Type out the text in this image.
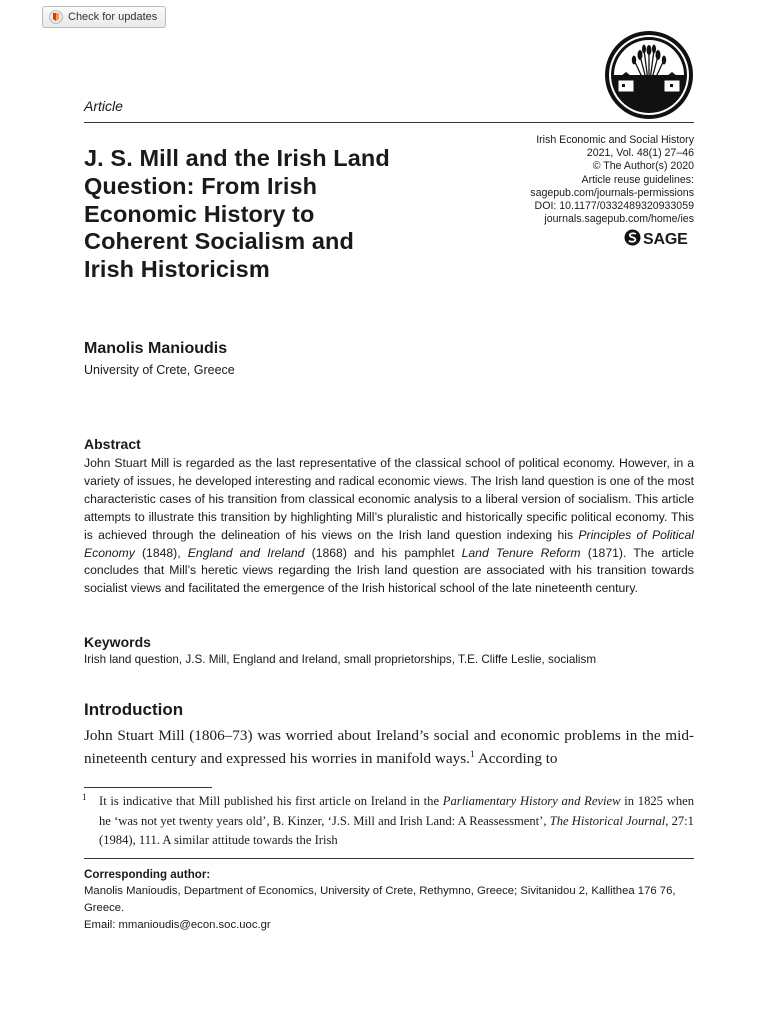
Check for updates
Article
Irish Economic and Social History
2021, Vol. 48(1) 27–46
© The Author(s) 2020
Article reuse guidelines:
sagepub.com/journals-permissions
DOI: 10.1177/0332489320933059
journals.sagepub.com/home/ies
SAGE
J. S. Mill and the Irish Land
Question: From Irish
Economic History to
Coherent Socialism and
Irish Historicism
Manolis Manioudis
University of Crete, Greece
Abstract

John Stuart Mill is regarded as the last representative of the classical school of political economy. However, in a variety of issues, he developed interesting and radical economic views. The Irish land question is one of the most characteristic cases of his transition from classical economic analysis to a liberal version of socialism. This article attempts to illustrate this transition by highlighting Mill’s pluralistic and historically specific political economy. This is achieved through the delineation of his views on the Irish land question indexing his Principles of Political Economy (1848), England and Ireland (1868) and his pamphlet Land Tenure Reform (1871). The article concludes that Mill’s heretic views regarding the Irish land question are associated with his transition towards socialist views and facilitated the emergence of the Irish historical school of the late nineteenth century.

Keywords
Irish land question, J.S. Mill, England and Ireland, small proprietorships, T.E. Cliffe Leslie, socialism
Introduction

John Stuart Mill (1806–73) was worried about Ireland’s social and economic problems in the mid-nineteenth century and expressed his worries in manifold ways.$^1$ According to

1 It is indicative that Mill published his first article on Ireland in the Parliamentary History and Review in 1825 when he ‘was not yet twenty years old’, B. Kinzer, ‘J.S. Mill and Irish Land: A Reassessment’, The Historical Journal, 27:1 (1984), 111. A similar attitude towards the Irish

Corresponding author:
Manolis Manioudis, Department of Economics, University of Crete, Rethymno, Greece; Sivitanidou 2, Kallithea 176 76, Greece.
Email: mmanioudis@econ.soc.uoc.gr
